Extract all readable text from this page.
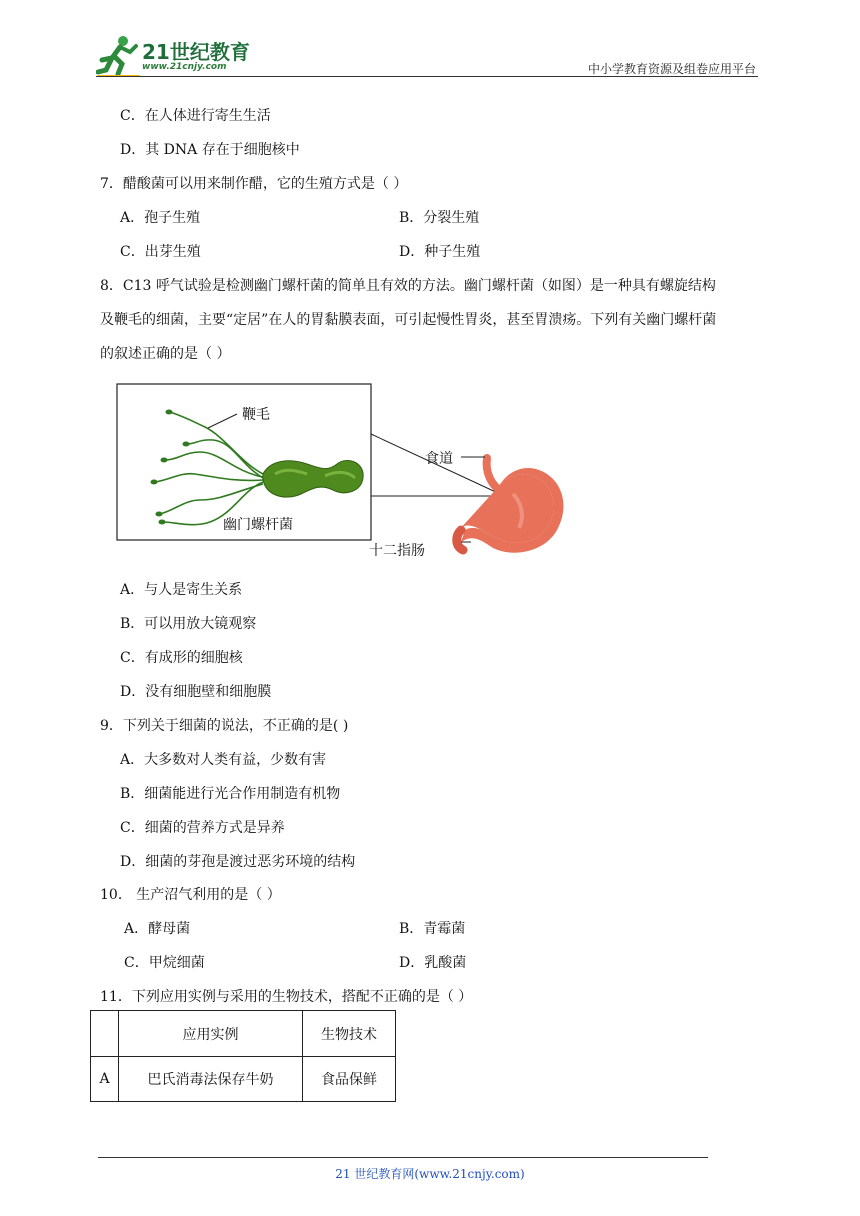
21世纪教育
www.21cnjy.com	中小学教育资源及组卷应用平台
C．在人体进行寄生生活
D．其 DNA 存在于细胞核中
7．醋酸菌可以用来制作醋，它的生殖方式是（ ）
A．孢子生殖	B．分裂生殖
C．出芽生殖	D．种子生殖
8．C13 呼气试验是检测幽门螺杆菌的简单且有效的方法。幽门螺杆菌（如图）是一种具有螺旋结构
及鞭毛的细菌，主要“定居”在人的胃黏膜表面，可引起慢性胃炎，甚至胃溃疡。下列有关幽门螺杆菌
的叙述正确的是（ ）
鞭毛
幽门螺杆菌
食道
十二指肠
A．与人是寄生关系
B．可以用放大镜观察
C．有成形的细胞核
D．没有细胞壁和细胞膜
9．下列关于细菌的说法，不正确的是( )
A．大多数对人类有益，少数有害
B．细菌能进行光合作用制造有机物
C．细菌的营养方式是异养
D．细菌的芽孢是渡过恶劣环境的结构
10． 生产沼气利用的是（ ）
A．酵母菌	B．青霉菌
C．甲烷细菌	D．乳酸菌
11．下列应用实例与采用的生物技术，搭配不正确的是（ ）
	应用实例	生物技术
A	巴氏消毒法保存牛奶	食品保鲜
21 世纪教育网(www.21cnjy.com)
